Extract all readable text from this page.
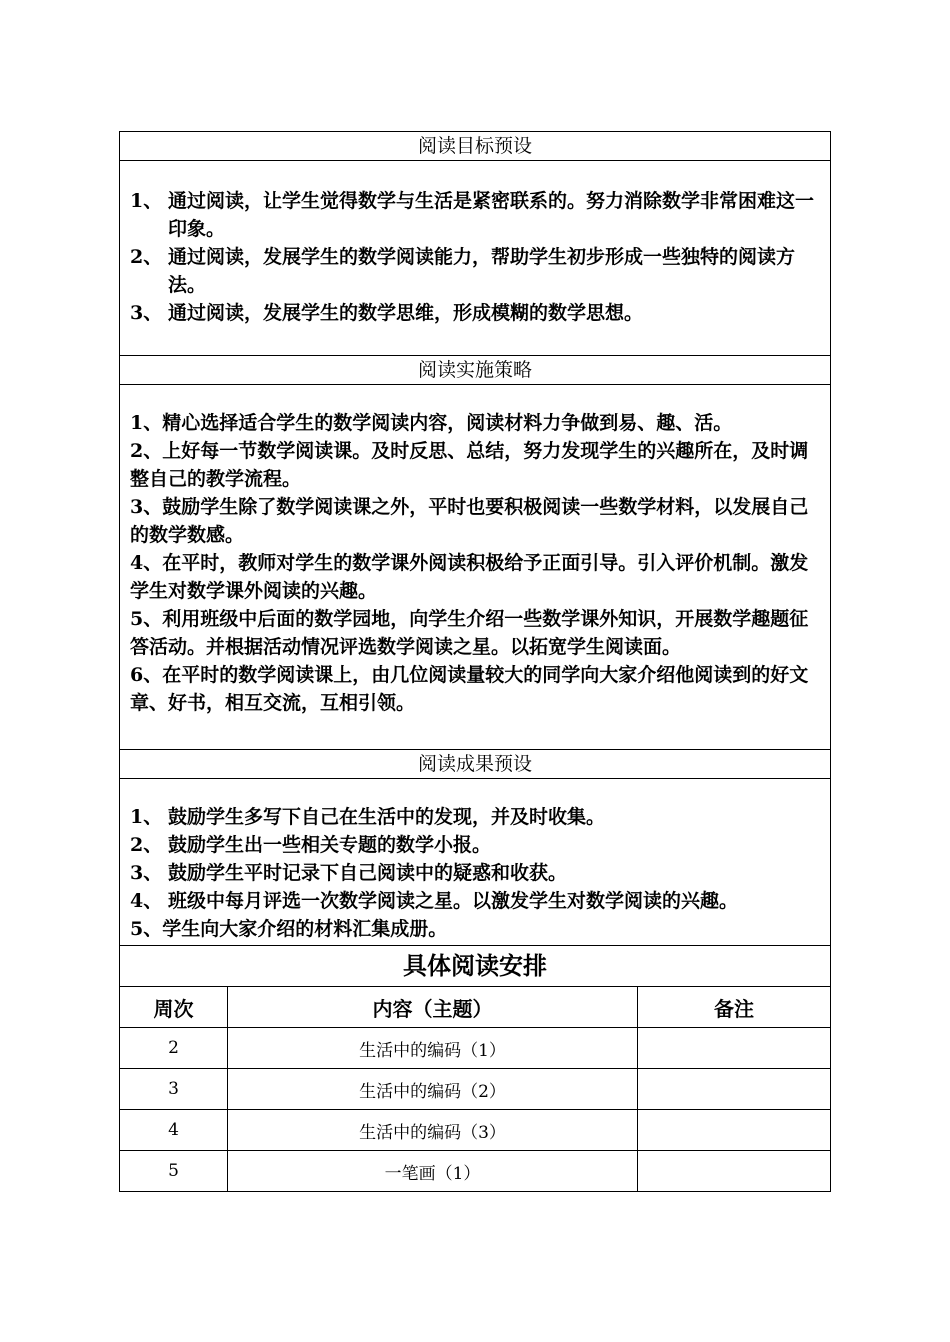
阅读目标预设

1、 通过阅读，让学生觉得数学与生活是紧密联系的。努力消除数学非常困难这一印象。
2、 通过阅读，发展学生的数学阅读能力，帮助学生初步形成一些独特的阅读方法。
3、 通过阅读，发展学生的数学思维，形成模糊的数学思想。

阅读实施策略

1、精心选择适合学生的数学阅读内容，阅读材料力争做到易、趣、活。
2、上好每一节数学阅读课。及时反思、总结，努力发现学生的兴趣所在，及时调整自己的教学流程。
3、鼓励学生除了数学阅读课之外，平时也要积极阅读一些数学材料，以发展自己的数学数感。
4、在平时，教师对学生的数学课外阅读积极给予正面引导。引入评价机制。激发学生对数学课外阅读的兴趣。
5、利用班级中后面的数学园地，向学生介绍一些数学课外知识，开展数学趣题征答活动。并根据活动情况评选数学阅读之星。以拓宽学生阅读面。
6、在平时的数学阅读课上，由几位阅读量较大的同学向大家介绍他阅读到的好文章、好书，相互交流，互相引领。

阅读成果预设

1、 鼓励学生多写下自己在生活中的发现，并及时收集。
2、 鼓励学生出一些相关专题的数学小报。
3、 鼓励学生平时记录下自己阅读中的疑惑和收获。
4、 班级中每月评选一次数学阅读之星。以激发学生对数学阅读的兴趣。
5 、学生向大家介绍的材料汇集成册。

具体阅读安排

周次	内容（主题）	备注
2	生活中的编码（1）	
3	生活中的编码（2）	
4	生活中的编码（3）	
5	一笔画（1）	
